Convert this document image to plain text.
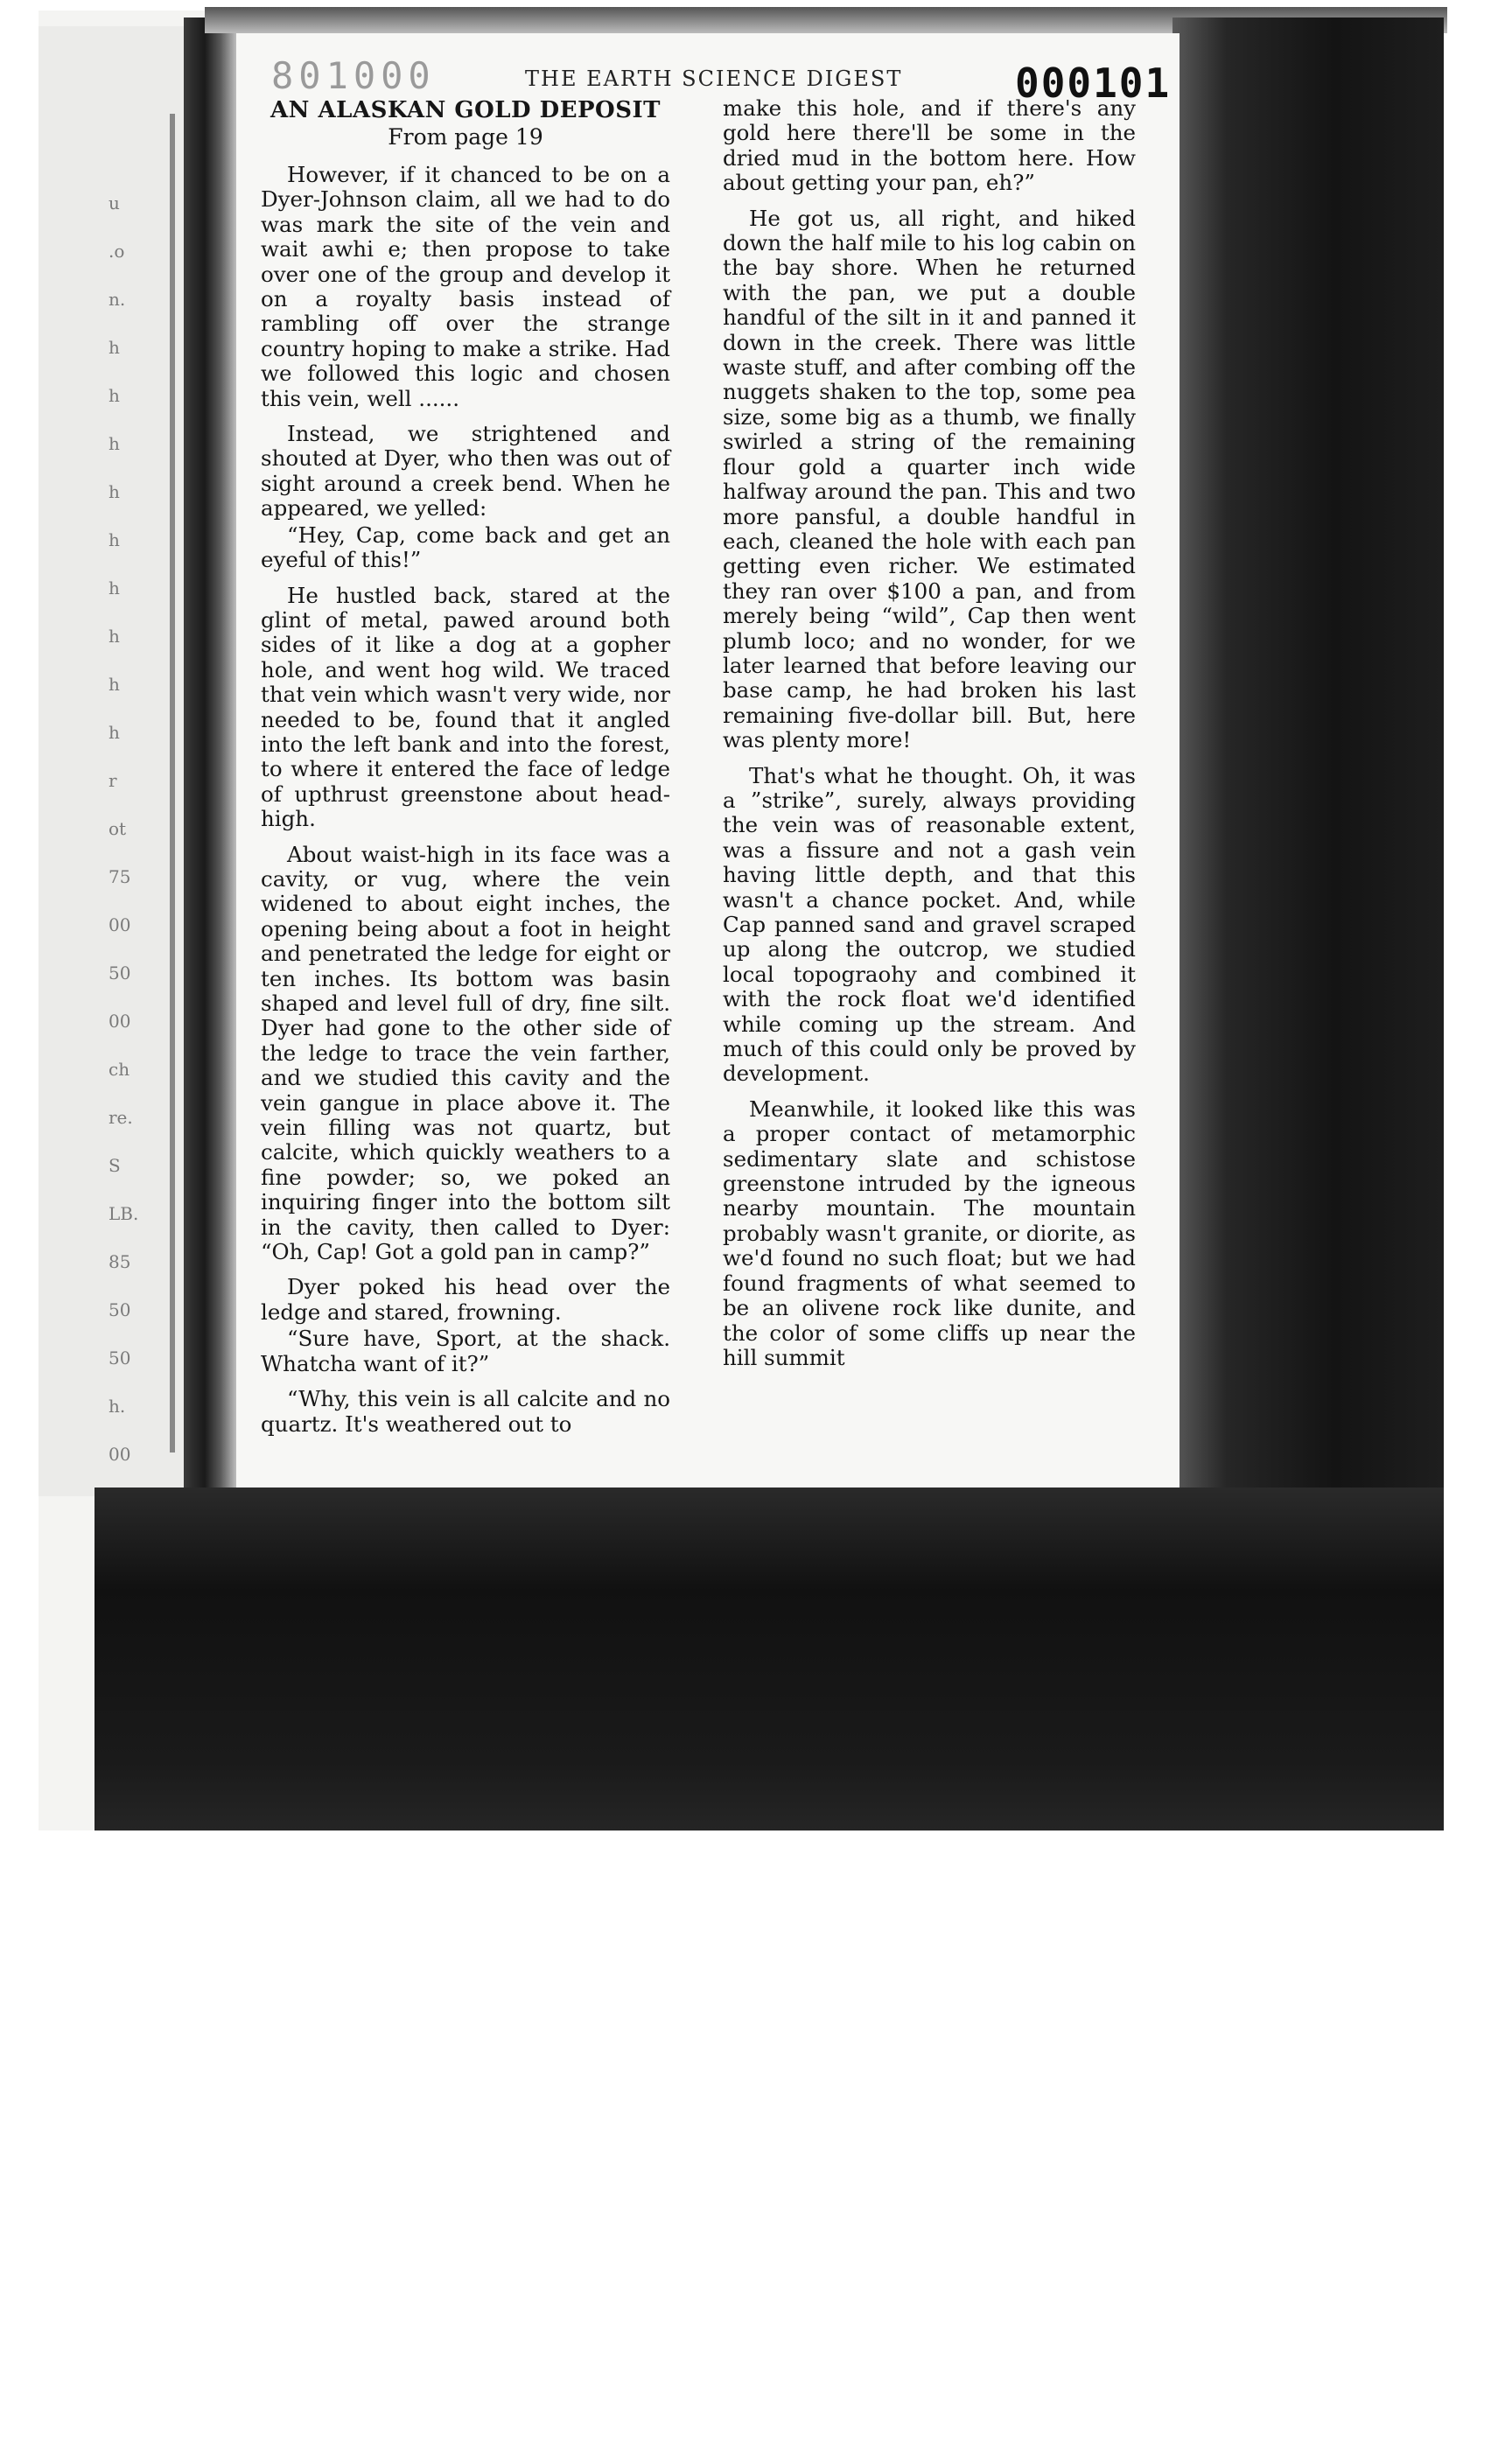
u
.o
n.
h
h
h
h
h
h
h
h
h
r
ot
75
00
50
00
ch
re.
S
LB.
85
50
50
h.
00
801000	THE EARTH SCIENCE DIGEST	000101
AN ALASKAN GOLD DEPOSIT
From page 19

However, if it chanced to be on a Dyer-Johnson claim, all we had to do was mark the site of the vein and wait awhi e; then propose to take over one of the group and develop it on a royalty basis instead of rambling off over the strange country hoping to make a strike. Had we followed this logic and chosen this vein, well ......

Instead, we strightened and shouted at Dyer, who then was out of sight around a creek bend. When he appeared, we yelled:

“Hey, Cap, come back and get an eyeful of this!”

He hustled back, stared at the glint of metal, pawed around both sides of it like a dog at a gopher hole, and went hog wild. We traced that vein which wasn't very wide, nor needed to be, found that it angled into the left bank and into the forest, to where it entered the face of ledge of upthrust greenstone about head-high.

About waist-high in its face was a cavity, or vug, where the vein widened to about eight inches, the opening being about a foot in height and penetrated the ledge for eight or ten inches. Its bottom was basin shaped and level full of dry, fine silt. Dyer had gone to the other side of the ledge to trace the vein farther, and we studied this cavity and the vein gangue in place above it. The vein filling was not quartz, but calcite, which quickly weathers to a fine powder; so, we poked an inquiring finger into the bottom silt in the cavity, then called to Dyer: “Oh, Cap! Got a gold pan in camp?”

Dyer poked his head over the ledge and stared, frowning.

“Sure have, Sport, at the shack. Whatcha want of it?”

“Why, this vein is all calcite and no quartz. It's weathered out to

make this hole, and if there's any gold here there'll be some in the dried mud in the bottom here. How about getting your pan, eh?”

He got us, all right, and hiked down the half mile to his log cabin on the bay shore. When he returned with the pan, we put a double handful of the silt in it and panned it down in the creek. There was little waste stuff, and after combing off the nuggets shaken to the top, some pea size, some big as a thumb, we finally swirled a string of the remaining flour gold a quarter inch wide halfway around the pan. This and two more pansful, a double handful in each, cleaned the hole with each pan getting even richer. We estimated they ran over $100 a pan, and from merely being “wild”, Cap then went plumb loco; and no wonder, for we later learned that before leaving our base camp, he had broken his last remaining five-dollar bill. But, here was plenty more!

That's what he thought. Oh, it was a ”strike”, surely, always providing the vein was of reasonable extent, was a fissure and not a gash vein having little depth, and that this wasn't a chance pocket. And, while Cap panned sand and gravel scraped up along the outcrop, we studied local topograohy and combined it with the rock float we'd identified while coming up the stream. And much of this could only be proved by development.

Meanwhile, it looked like this was a proper contact of metamorphic sedimentary slate and schistose greenstone intruded by the igneous nearby mountain. The mountain probably wasn't granite, or diorite, as we'd found no such float; but we had found fragments of what seemed to be an olivene rock like dunite, and the color of some cliffs up near the hill summit
